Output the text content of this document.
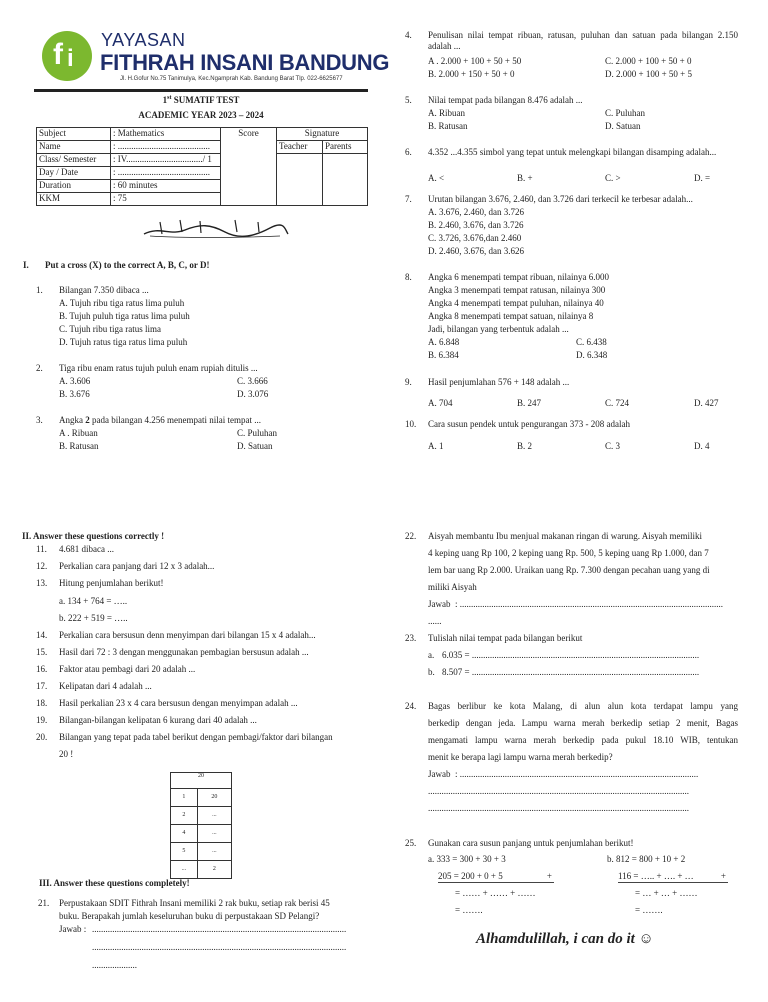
f i
YAYASAN
FITHRAH INSANI BANDUNG
Jl. H.Gofur No.75 Tanimulya, Kec.Ngamprah Kab. Bandung Barat Tlp. 022-6625677
1st SUMATIF TEST
ACADEMIC YEAR 2023 – 2024
Subject	: Mathematics	Score	Signature	
Name	: .........................................		Teacher	Parents
Class/ Semester	: IV................................../ 1			
Day / Date	: .........................................			
Duration	: 60 minutes			
KKM	: 75			
I. Put a cross (X) to the correct A, B, C, or D!
1. Bilangan 7.350 dibaca ...
A. Tujuh ribu tiga ratus lima puluh
B. Tujuh puluh tiga ratus lima puluh
C. Tujuh ribu tiga ratus lima
D. Tujuh ratus tiga ratus lima puluh
2. Tiga ribu enam ratus tujuh puluh enam rupiah ditulis ...
A. 3.606
B. 3.676
C. 3.666
D. 3.076
3. Angka 2 pada bilangan 4.256 menempati nilai tempat ...
A . Ribuan
B. Ratusan
C. Puluhan
D. Satuan
4. Penulisan nilai tempat ribuan, ratusan, puluhan dan satuan pada bilangan 2.150 adalah ...
A . 2.000 + 100 + 50 + 50
B. 2.000 + 150 + 50 + 0
C. 2.000 + 100 + 50 + 0
D. 2.000 + 100 + 50 + 5
5. Nilai tempat pada bilangan 8.476 adalah ...
A. Ribuan
B. Ratusan
C. Puluhan
D. Satuan
6. 4.352 ...4.355 simbol yang tepat untuk melengkapi bilangan disamping adalah...
A. <	B. +	C. >	D. =
7. Urutan bilangan 3.676, 2.460, dan 3.726 dari terkecil ke terbesar adalah...
A. 3.676, 2.460, dan 3.726
B. 2.460, 3.676, dan 3.726
C. 3.726, 3.676,dan 2.460
D. 2.460, 3.676, dan 3.626
8. Angka 6 menempati tempat ribuan, nilainya 6.000
Angka 3 menempati tempat ratusan, nilainya 300
Angka 4 menempati tempat puluhan, nilainya 40
Angka 8 menempati tempat satuan, nilainya 8
Jadi, bilangan yang terbentuk adalah ...
A. 6.848
B. 6.384
C. 6.438
D. 6.348
9. Hasil penjumlahan 576 + 148 adalah ...
A. 704	B. 247	C. 724	D. 427
10. Cara susun pendek untuk pengurangan 373 - 208 adalah
A. 1	B. 2	C. 3	D. 4
II. Answer these questions correctly !
11. 4.681 dibaca ...
12. Perkalian cara panjang dari 12 x 3 adalah...
13. Hitung penjumlahan berikut!
a. 134 + 764 = …..
b. 222 + 519 = …..
14. Perkalian cara bersusun denn menyimpan dari bilangan 15 x 4 adalah...
15. Hasil dari 72 : 3 dengan menggunakan pembagian bersusun adalah ...
16. Faktor atau pembagi dari 20 adalah ...
17. Kelipatan dari 4 adalah ...
18. Hasil perkalian 23 x 4 cara bersusun dengan menyimpan adalah ...
19. Bilangan-bilangan kelipatan 6 kurang dari 40 adalah ...
20. Bilangan yang tepat pada tabel berikut dengan pembagi/faktor dari bilangan
20 !
20	
1	20
2	...
4	...
5	...
...	2
III. Answer these questions completely!
21. Perpustakaan SDIT Fithrah Insani memiliki 2 rak buku, setiap rak berisi 45
buku. Berapakah jumlah keseluruhan buku di perpustakaan SD Pelangi?
Jawab : .................................................................................................................
.................................................................................................................
....................
22. Aisyah membantu Ibu menjual makanan ringan di warung. Aisyah memiliki
4 keping uang Rp 100, 2 keping uang Rp. 500, 5 keping uang Rp 1.000, dan 7
lem bar uang Rp 2.000. Uraikan uang Rp. 7.300 dengan pecahan uang yang di
miliki Aisyah
Jawab : .....................................................................................................................
......
23. Tulislah nilai tempat pada bilangan berikut
a. 6.035 = .....................................................................................................
b. 8.507 = .....................................................................................................
24. Bagas berlibur ke kota Malang, di alun alun kota terdapat lampu yang
berkedip dengan jeda. Lampu warna merah berkedip setiap 2 menit, Bagas
mengamati lampu warna merah berkedip pada pukul 18.10 WIB, tentukan
menit ke berapa lagi lampu warna merah berkedip?
Jawab : ..........................................................................................................
....................................................................................................................
....................................................................................................................
25. Gunakan cara susun panjang untuk penjumlahan berikut!
a. 333 = 300 + 30 + 3
205 = 200 + 0 + 5	+
= …… + …… + ……
= …….
b. 812 = 800 + 10 + 2
116 = ….. + …. + …	+
= … + … + ……
= …….
Alhamdulillah, i can do it ☺
